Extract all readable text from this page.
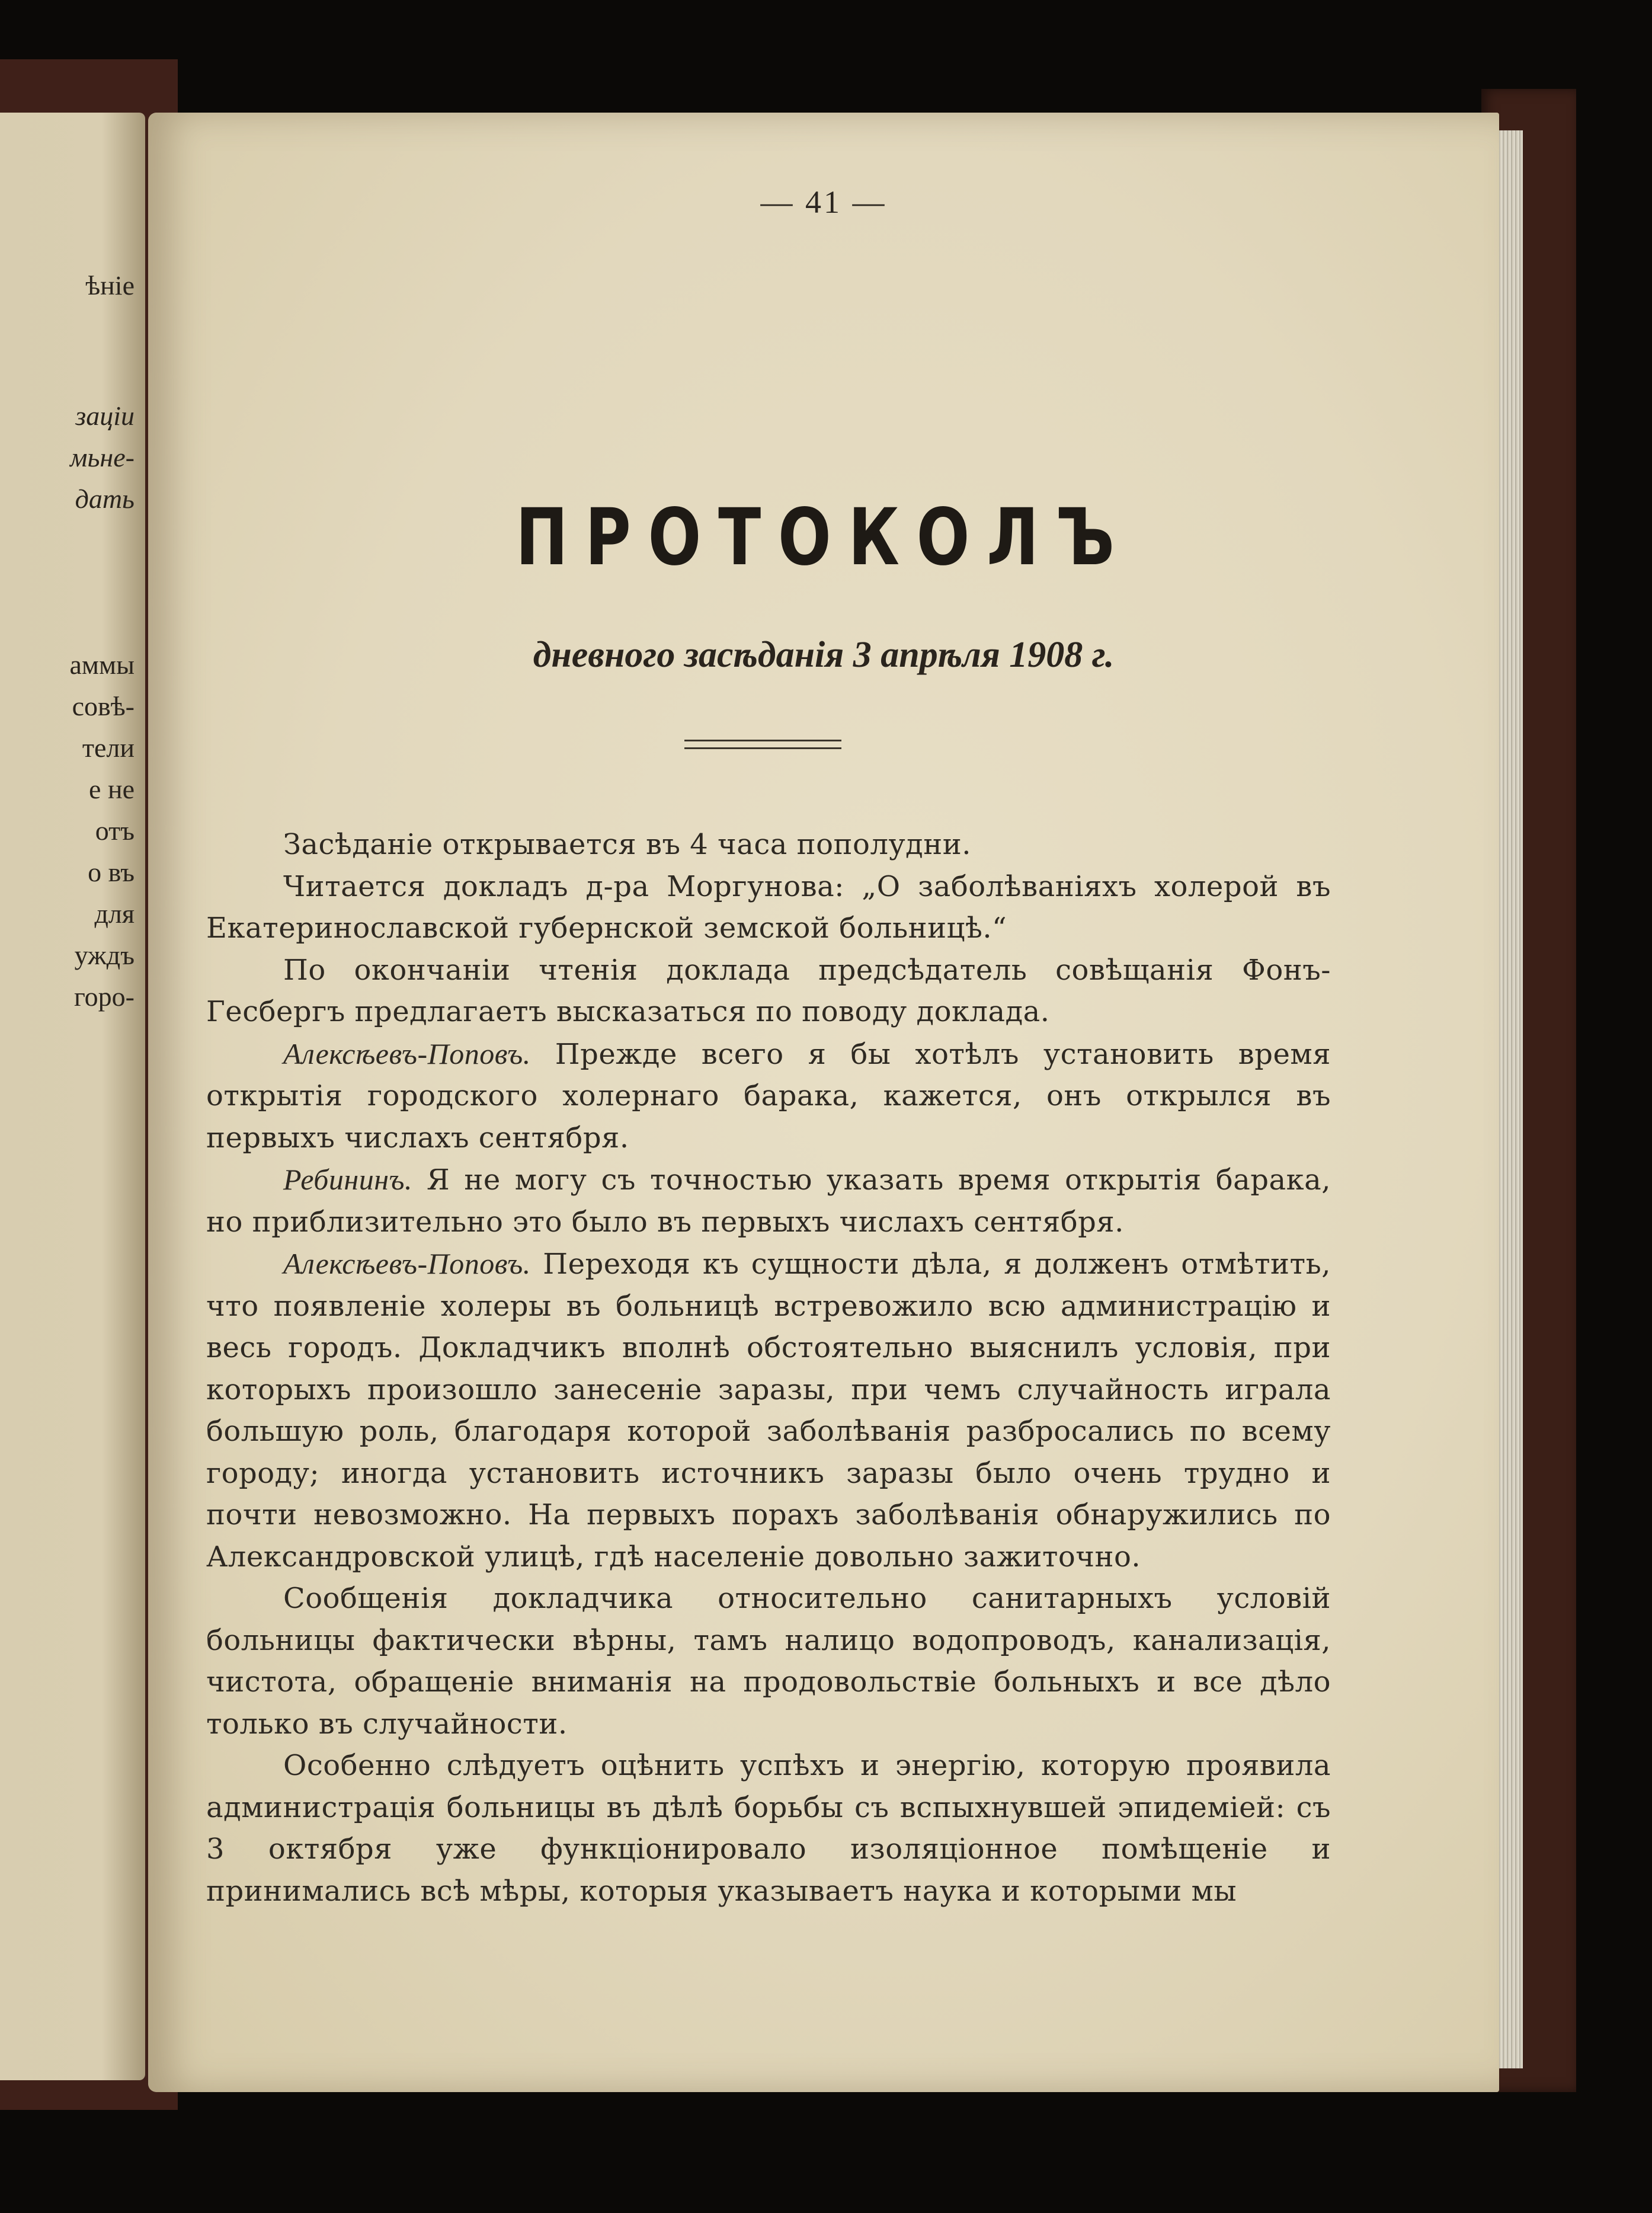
ѣніе

заціи

мьне-

дать

аммы

совѣ-

тели

е не

отъ

о въ

для

уждъ

горо-

— 41 —

ПРОТОКОЛЪ

дневного засѣданія 3 апрѣля 1908 г.

Засѣданіе открывается въ 4 часа пополудни.

Читается докладъ д-ра Моргунова: „О заболѣваніяхъ холерой въ Екатеринославской губернской земской больницѣ.“

По окончаніи чтенія доклада предсѣдатель совѣщанія Фонъ-Гесбергъ предлагаетъ высказаться по поводу доклада.

Алексѣевъ-Поповъ. Прежде всего я бы хотѣлъ установить время открытія городского холернаго барака, кажется, онъ открылся въ первыхъ числахъ сентября.

Ребининъ. Я не могу съ точностью указать время открытія барака, но приблизительно это было въ первыхъ числахъ сентября.

Алексѣевъ-Поповъ. Переходя къ сущности дѣла, я долженъ отмѣтить, что появленіе холеры въ больницѣ встревожило всю администрацію и весь городъ. Докладчикъ вполнѣ обстоятельно выяснилъ условія, при которыхъ произошло занесеніе заразы, при чемъ случайность играла большую роль, благодаря которой заболѣванія разбросались по всему городу; иногда установить источникъ заразы было очень трудно и почти невозможно. На первыхъ порахъ заболѣванія обнаружились по Александровской улицѣ, гдѣ населеніе довольно зажиточно.

Сообщенія докладчика относительно санитарныхъ условій больницы фактически вѣрны, тамъ налицо водопроводъ, канализація, чистота, обращеніе вниманія на продовольствіе больныхъ и все дѣло только въ случайности.

Особенно слѣдуетъ оцѣнить успѣхъ и энергію, которую проявила администрація больницы въ дѣлѣ борьбы съ вспыхнувшей эпидеміей: съ 3 октября уже функціонировало изоляціонное помѣщеніе и принимались всѣ мѣры, которыя указываетъ наука и которыми мы
